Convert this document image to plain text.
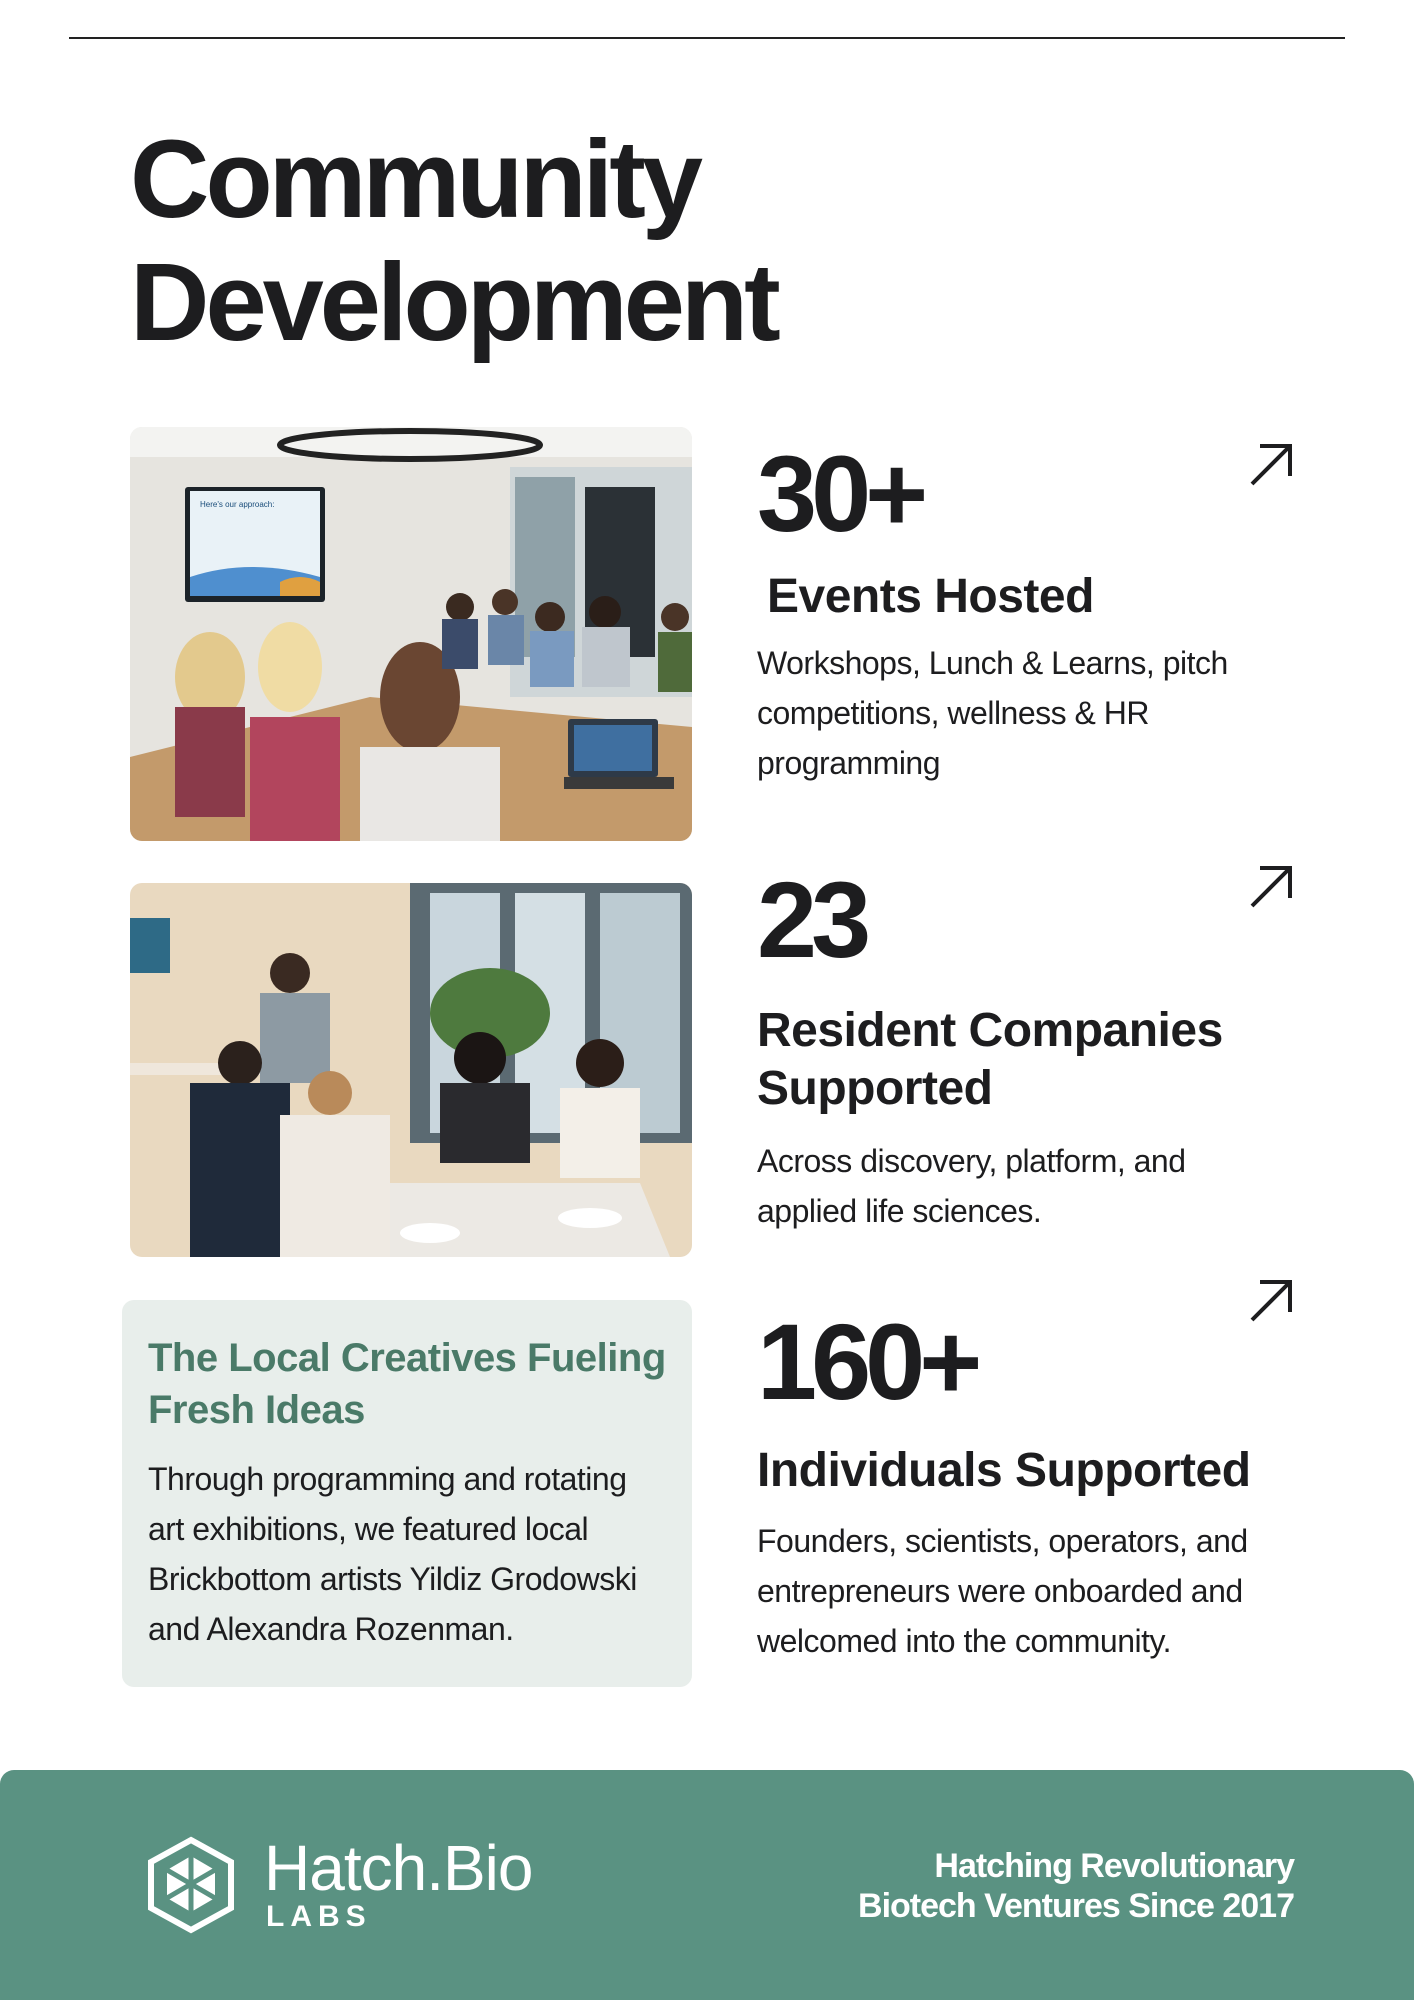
Community Development
Here's our approach:	30+

Events Hosted

Workshops, Lunch & Learns, pitch competitions, wellness & HR programming

23

Resident Companies Supported

Across discovery, platform, and applied life sciences.

The Local Creatives Fueling Fresh Ideas

Through programming and rotating art exhibitions, we featured local Brickbottom artists Yildiz Grodowski and Alexandra Rozenman.

160+

Individuals Supported

Founders, scientists, operators, and entrepreneurs were onboarded and welcomed into the community.

Hatch.Bio
LABS
Hatching Revolutionary
Biotech Ventures Since 2017
